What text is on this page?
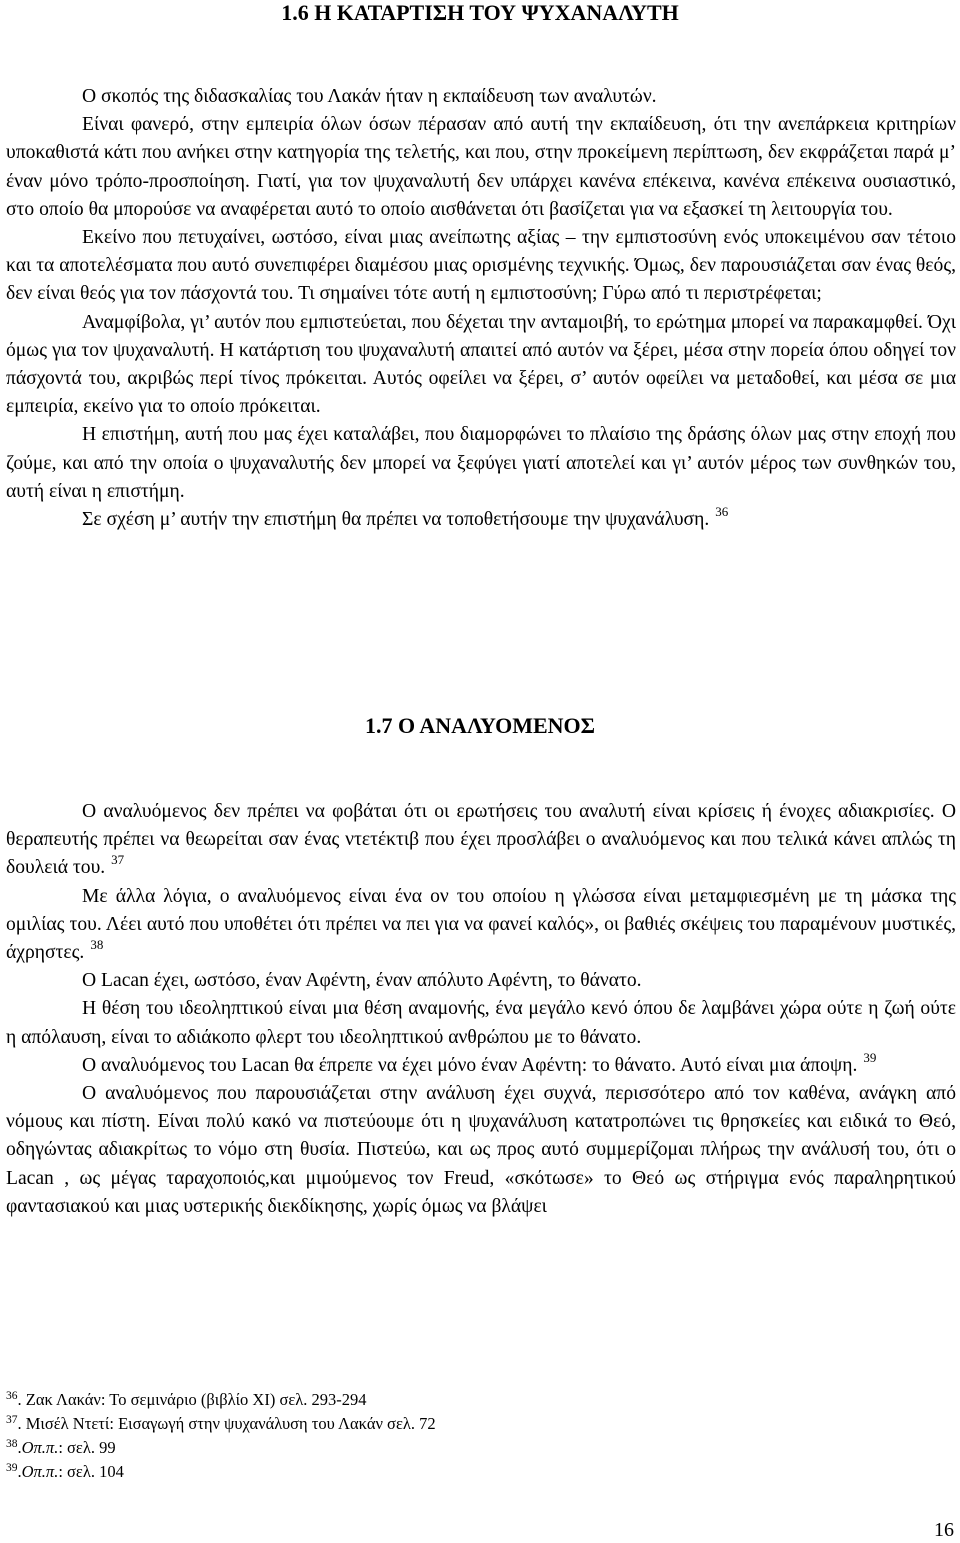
1.6 Η ΚΑΤΑΡΤΙΣΗ ΤΟΥ ΨΥΧΑΝΑΛΥΤΗ

Ο σκοπός της διδασκαλίας του Λακάν ήταν η εκπαίδευση των αναλυτών.

Είναι φανερό, στην εμπειρία όλων όσων πέρασαν από αυτή την εκπαίδευση, ότι την ανεπάρκεια κριτηρίων υποκαθιστά κάτι που ανήκει στην κατηγορία της τελετής, και που, στην προκείμενη περίπτωση, δεν εκφράζεται παρά μ’ έναν μόνο τρόπο-προσποίηση. Γιατί, για τον ψυχαναλυτή δεν υπάρχει κανένα επέκεινα, κανένα επέκεινα ουσιαστικό, στο οποίο θα μπορούσε να αναφέρεται αυτό το οποίο αισθάνεται ότι βασίζεται για να εξασκεί τη λειτουργία του.

Εκείνο που πετυχαίνει, ωστόσο, είναι μιας ανείπωτης αξίας – την εμπιστοσύνη ενός υποκειμένου σαν τέτοιο και τα αποτελέσματα που αυτό συνεπιφέρει διαμέσου μιας ορισμένης τεχνικής. Όμως, δεν παρουσιάζεται σαν ένας θεός, δεν είναι θεός για τον πάσχοντά του. Τι σημαίνει τότε αυτή η εμπιστοσύνη; Γύρω από τι περιστρέφεται;

Αναμφίβολα, γι’ αυτόν που εμπιστεύεται, που δέχεται την ανταμοιβή, το ερώτημα μπορεί να παρακαμφθεί. Όχι όμως για τον ψυχαναλυτή. Η κατάρτιση του ψυχαναλυτή απαιτεί από αυτόν να ξέρει, μέσα στην πορεία όπου οδηγεί τον πάσχοντά του, ακριβώς περί τίνος πρόκειται. Αυτός οφείλει να ξέρει, σ’ αυτόν οφείλει να μεταδοθεί, και μέσα σε μια εμπειρία, εκείνο για το οποίο πρόκειται.

Η επιστήμη, αυτή που μας έχει καταλάβει, που διαμορφώνει το πλαίσιο της δράσης όλων μας στην εποχή που ζούμε, και από την οποία ο ψυχαναλυτής δεν μπορεί να ξεφύγει γιατί αποτελεί και γι’ αυτόν μέρος των συνθηκών του, αυτή είναι η επιστήμη.

Σε σχέση μ’ αυτήν την επιστήμη θα πρέπει να τοποθετήσουμε την ψυχανάλυση. $^{36}$

1.7 Ο ΑΝΑΛΥΟΜΕΝΟΣ

Ο αναλυόμενος δεν πρέπει να φοβάται ότι οι ερωτήσεις του αναλυτή είναι κρίσεις ή ένοχες αδιακρισίες. Ο θεραπευτής πρέπει να θεωρείται σαν ένας ντετέκτιβ που έχει προσλάβει ο αναλυόμενος και που τελικά κάνει απλώς τη δουλειά του. $^{37}$

Με άλλα λόγια, ο αναλυόμενος είναι ένα ον του οποίου η γλώσσα είναι μεταμφιεσμένη με τη μάσκα της ομιλίας του. Λέει αυτό που υποθέτει ότι πρέπει να πει για να φανεί καλός», οι βαθιές σκέψεις του παραμένουν μυστικές, άχρηστες. $^{38}$

Ο Lacan έχει, ωστόσο, έναν Αφέντη, έναν απόλυτο Αφέντη, το θάνατο.

Η θέση του ιδεοληπτικού είναι μια θέση αναμονής, ένα μεγάλο κενό όπου δε λαμβάνει χώρα ούτε η ζωή ούτε η απόλαυση, είναι το αδιάκοπο φλερτ του ιδεοληπτικού ανθρώπου με το θάνατο.

Ο αναλυόμενος του Lacan θα έπρεπε να έχει μόνο έναν Αφέντη: το θάνατο. Αυτό είναι μια άποψη. $^{39}$

Ο αναλυόμενος που παρουσιάζεται στην ανάλυση έχει συχνά, περισσότερο από τον καθένα, ανάγκη από νόμους και πίστη. Είναι πολύ κακό να πιστεύουμε ότι η ψυχανάλυση κατατροπώνει τις θρησκείες και ειδικά το Θεό, οδηγώντας αδιακρίτως το νόμο στη θυσία. Πιστεύω, και ως προς αυτό συμμερίζομαι πλήρως την ανάλυσή του, ότι ο Lacan , ως μέγας ταραχοποιός,και μιμούμενος τον Freud, «σκότωσε» το Θεό ως στήριγμα ενός παραληρητικού φαντασιακού και μιας υστερικής διεκδίκησης, χωρίς όμως να βλάψει

$^{36}$. Ζακ Λακάν: Το σεμινάριο (βιβλίο XI) σελ. 293-294
$^{37}$. Μισέλ Ντετί: Εισαγωγή στην ψυχανάλυση του Λακάν σελ. 72
$^{38}$.Οπ.π.: σελ. 99
$^{39}$.Οπ.π.: σελ. 104
16
